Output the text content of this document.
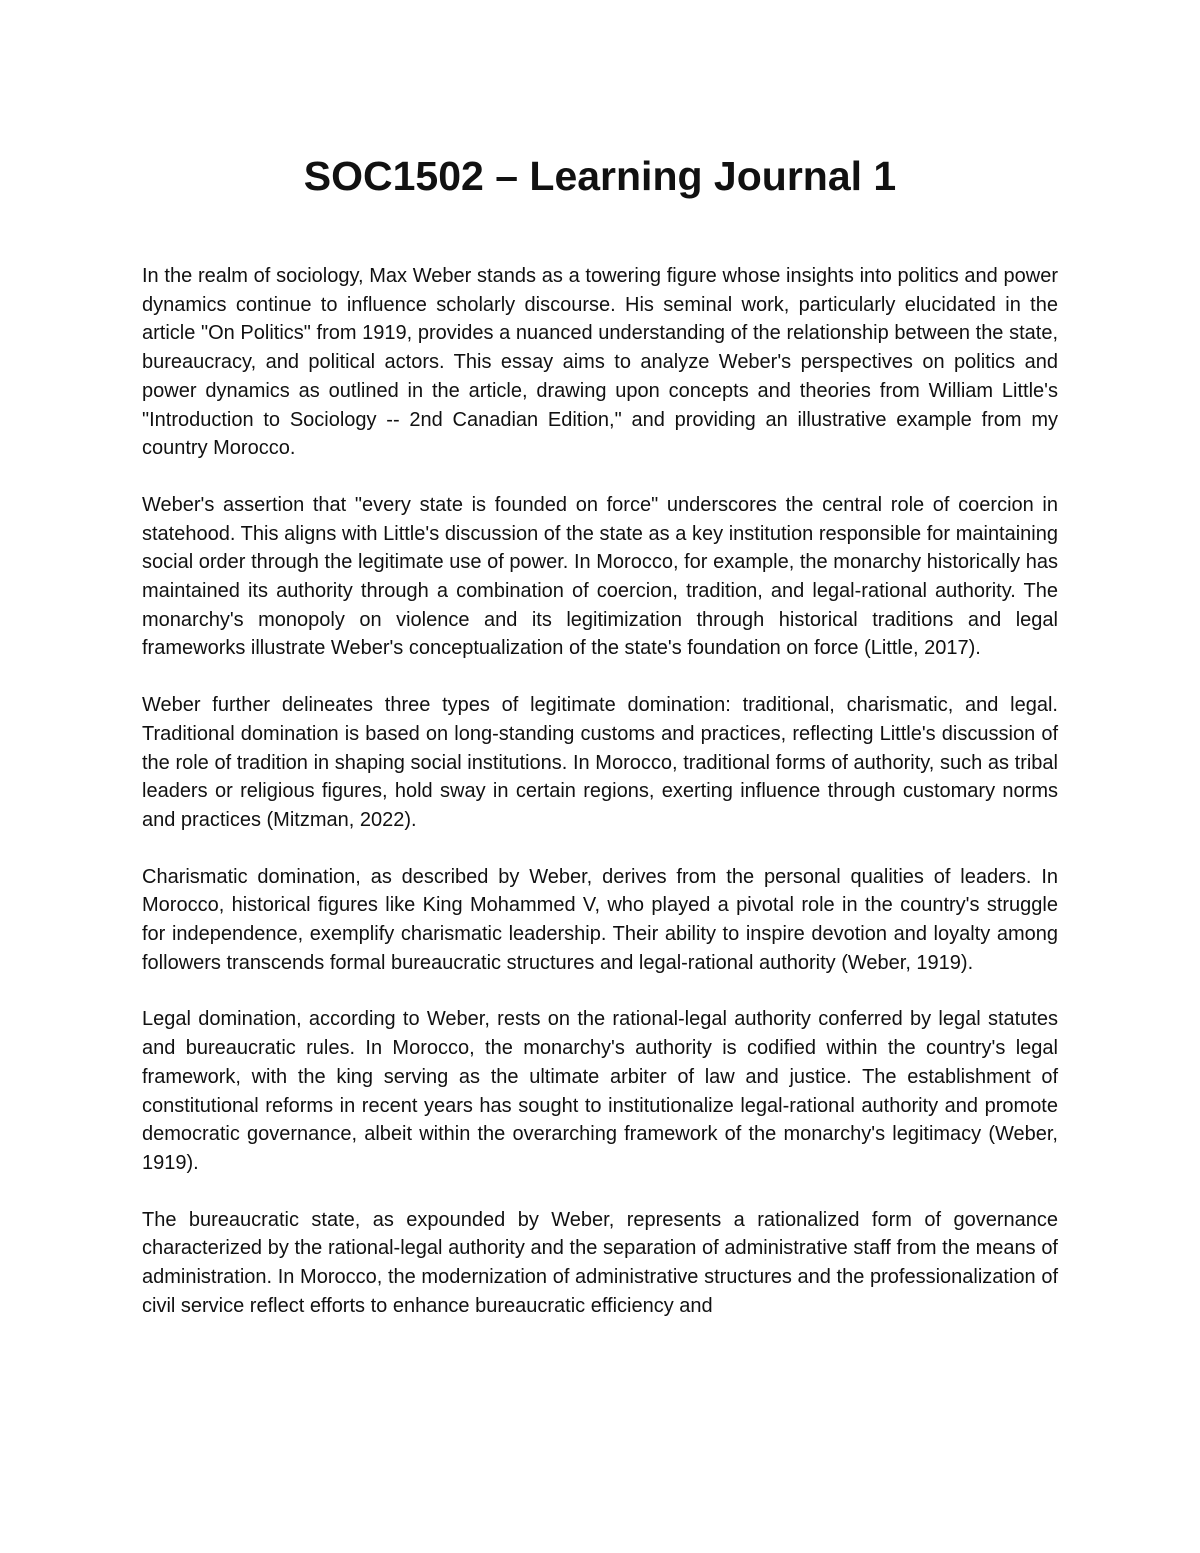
SOC1502 – Learning Journal 1

In the realm of sociology, Max Weber stands as a towering figure whose insights into politics and power dynamics continue to influence scholarly discourse. His seminal work, particularly elucidated in the article "On Politics" from 1919, provides a nuanced understanding of the relationship between the state, bureaucracy, and political actors. This essay aims to analyze Weber's perspectives on politics and power dynamics as outlined in the article, drawing upon concepts and theories from William Little's "Introduction to Sociology -- 2nd Canadian Edition," and providing an illustrative example from my country Morocco.

Weber's assertion that "every state is founded on force" underscores the central role of coercion in statehood. This aligns with Little's discussion of the state as a key institution responsible for maintaining social order through the legitimate use of power. In Morocco, for example, the monarchy historically has maintained its authority through a combination of coercion, tradition, and legal-rational authority. The monarchy's monopoly on violence and its legitimization through historical traditions and legal frameworks illustrate Weber's conceptualization of the state's foundation on force (Little, 2017).

Weber further delineates three types of legitimate domination: traditional, charismatic, and legal. Traditional domination is based on long-standing customs and practices, reflecting Little's discussion of the role of tradition in shaping social institutions. In Morocco, traditional forms of authority, such as tribal leaders or religious figures, hold sway in certain regions, exerting influence through customary norms and practices (Mitzman, 2022).

Charismatic domination, as described by Weber, derives from the personal qualities of leaders. In Morocco, historical figures like King Mohammed V, who played a pivotal role in the country's struggle for independence, exemplify charismatic leadership. Their ability to inspire devotion and loyalty among followers transcends formal bureaucratic structures and legal-rational authority (Weber, 1919).

Legal domination, according to Weber, rests on the rational-legal authority conferred by legal statutes and bureaucratic rules. In Morocco, the monarchy's authority is codified within the country's legal framework, with the king serving as the ultimate arbiter of law and justice. The establishment of constitutional reforms in recent years has sought to institutionalize legal-rational authority and promote democratic governance, albeit within the overarching framework of the monarchy's legitimacy (Weber, 1919).

The bureaucratic state, as expounded by Weber, represents a rationalized form of governance characterized by the rational-legal authority and the separation of administrative staff from the means of administration. In Morocco, the modernization of administrative structures and the professionalization of civil service reflect efforts to enhance bureaucratic efficiency and
